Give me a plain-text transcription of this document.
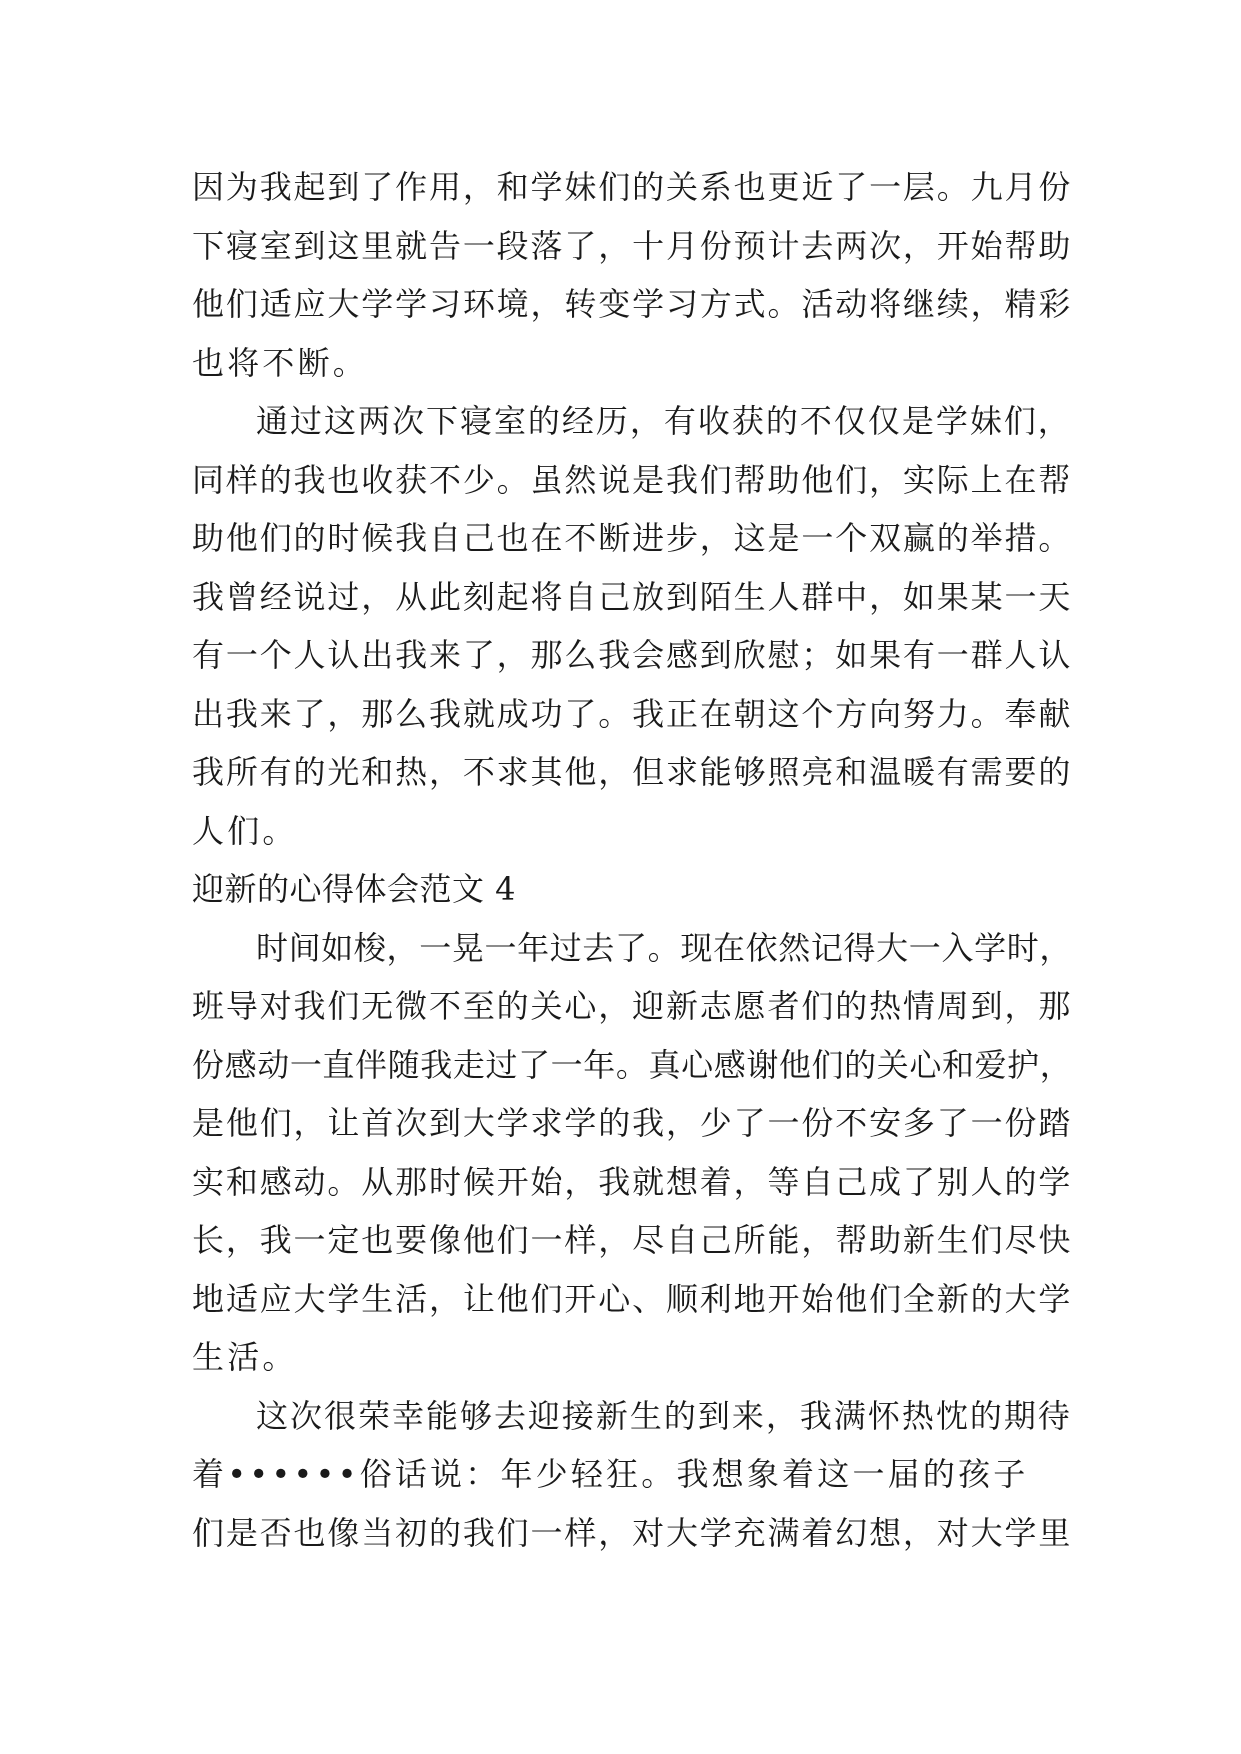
因为我起到了作用，和学妹们的关系也更近了一层。九月份
下寝室到这里就告一段落了，十月份预计去两次，开始帮助
他们适应大学学习环境，转变学习方式。活动将继续，精彩
也将不断。
通过这两次下寝室的经历，有收获的不仅仅是学妹们，
同样的我也收获不少。虽然说是我们帮助他们，实际上在帮
助他们的时候我自己也在不断进步，这是一个双赢的举措。
我曾经说过，从此刻起将自己放到陌生人群中，如果某一天
有一个人认出我来了，那么我会感到欣慰；如果有一群人认
出我来了，那么我就成功了。我正在朝这个方向努力。奉献
我所有的光和热，不求其他，但求能够照亮和温暖有需要的
人们。
迎新的心得体会范文 4
时间如梭，一晃一年过去了。现在依然记得大一入学时，
班导对我们无微不至的关心，迎新志愿者们的热情周到，那
份感动一直伴随我走过了一年。真心感谢他们的关心和爱护，
是他们，让首次到大学求学的我，少了一份不安多了一份踏
实和感动。从那时候开始，我就想着，等自己成了别人的学
长，我一定也要像他们一样，尽自己所能，帮助新生们尽快
地适应大学生活，让他们开心、顺利地开始他们全新的大学
生活。
这次很荣幸能够去迎接新生的到来，我满怀热忱的期待
着••••••俗话说：年少轻狂。我想象着这一届的孩子
们是否也像当初的我们一样，对大学充满着幻想，对大学里
